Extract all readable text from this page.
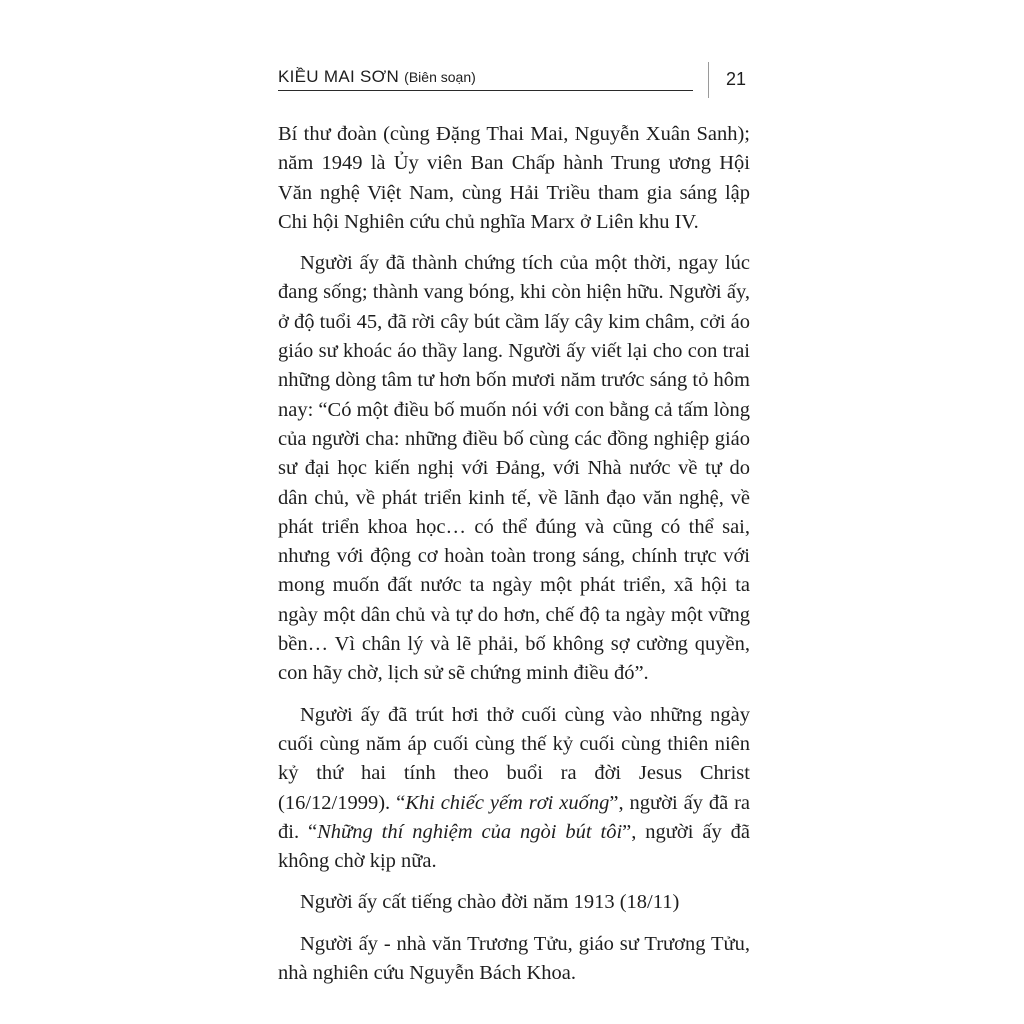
KIỀU MAI SƠN (Biên soạn)	21

Bí thư đoàn (cùng Đặng Thai Mai, Nguyễn Xuân Sanh); năm 1949 là Ủy viên Ban Chấp hành Trung ương Hội Văn nghệ Việt Nam, cùng Hải Triều tham gia sáng lập Chi hội Nghiên cứu chủ nghĩa Marx ở Liên khu IV.

Người ấy đã thành chứng tích của một thời, ngay lúc đang sống; thành vang bóng, khi còn hiện hữu. Người ấy, ở độ tuổi 45, đã rời cây bút cầm lấy cây kim châm, cởi áo giáo sư khoác áo thầy lang. Người ấy viết lại cho con trai những dòng tâm tư hơn bốn mươi năm trước sáng tỏ hôm nay: “Có một điều bố muốn nói với con bằng cả tấm lòng của người cha: những điều bố cùng các đồng nghiệp giáo sư đại học kiến nghị với Đảng, với Nhà nước về tự do dân chủ, về phát triển kinh tế, về lãnh đạo văn nghệ, về phát triển khoa học… có thể đúng và cũng có thể sai, nhưng với động cơ hoàn toàn trong sáng, chính trực với mong muốn đất nước ta ngày một phát triển, xã hội ta ngày một dân chủ và tự do hơn, chế độ ta ngày một vững bền… Vì chân lý và lẽ phải, bố không sợ cường quyền, con hãy chờ, lịch sử sẽ chứng minh điều đó”.

Người ấy đã trút hơi thở cuối cùng vào những ngày cuối cùng năm áp cuối cùng thế kỷ cuối cùng thiên niên kỷ thứ hai tính theo buổi ra đời Jesus Christ (16/12/1999). “Khi chiếc yếm rơi xuống”, người ấy đã ra đi. “Những thí nghiệm của ngòi bút tôi”, người ấy đã không chờ kịp nữa.

Người ấy cất tiếng chào đời năm 1913 (18/11)

Người ấy - nhà văn Trương Tửu, giáo sư Trương Tửu, nhà nghiên cứu Nguyễn Bách Khoa.
